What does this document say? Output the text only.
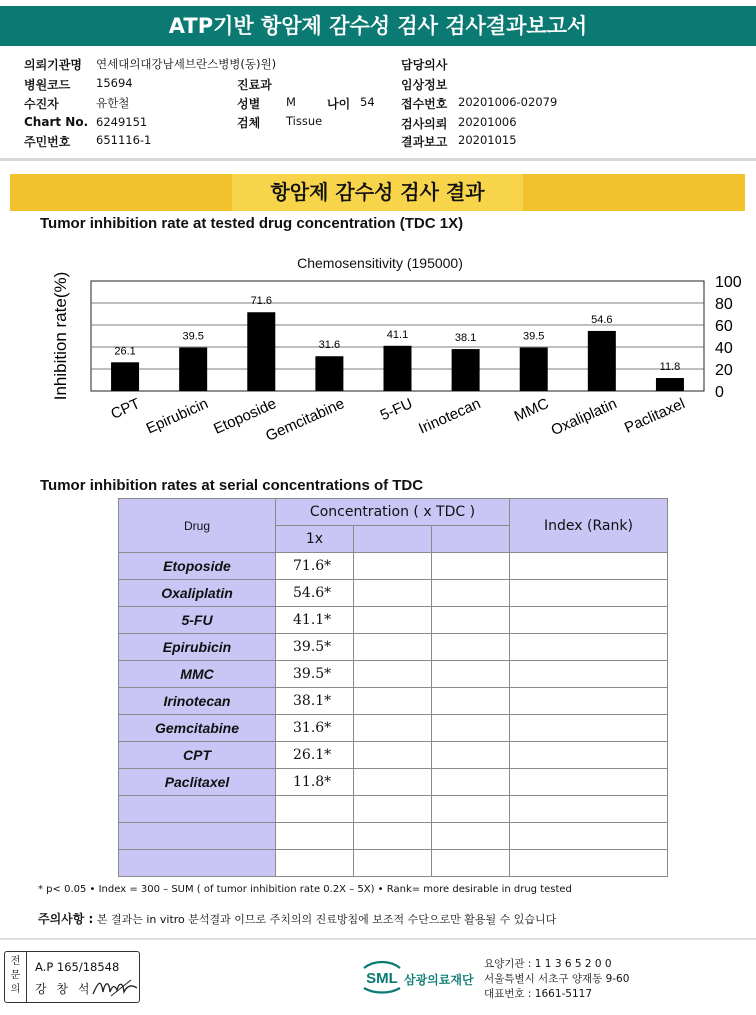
ATP기반 항암제 감수성 검사 검사결과보고서
의뢰기관명 연세대의대강남세브란스병병(동)원)
병원코드 15694
수진자	유한철
Chart No. 6249151
주민번호 651116-1
진료과
성별 M
검체 Tissue
나이 54
담당의사
임상정보
접수번호 20201006-02079
검사의뢰 20201006
결과보고 20201015
항암제 감수성 검사 결과
Tumor inhibition rate at tested drug concentration (TDC 1X)
Chemosensitivity (195000)
26.1
39.5
71.6
31.6
41.1	38.1	39.5
54.6
11.8
0
20
40
60
80
100
CPT Epirubicin Etoposide
Gemcitabine 5-FU Irinotecan MMC
Oxaliplatin Paclitaxel
Inhibition rate(%)
Tumor inhibition rates at serial concentrations of TDC
Drug	Concentration ( x TDC )			Index (Rank)
	1x			
Etoposide	71.6*			
Oxaliplatin	54.6*			
5-FU	41.1*			
Epirubicin	39.5*			
MMC	39.5*			
Irinotecan	38.1*			
Gemcitabine	31.6*			
CPT	26.1*			
Paclitaxel	11.8*			

* p< 0.05 • Index = 300 – SUM ( of tumor inhibition rate 0.2X – 5X) • Rank= more desirable in drug tested
주의사항 : 본 결과는 in vitro 분석결과 이므로 주치의의 진료방침에 보조적 수단으로만 활용될 수 있습니다
전문의
A.P 165/18548
강 창 석
SML 삼광의료재단
요양기관 : 1 1 3 6 5 2 0 0
서울특별시 서초구 양재동 9-60
대표번호 : 1661-5117
